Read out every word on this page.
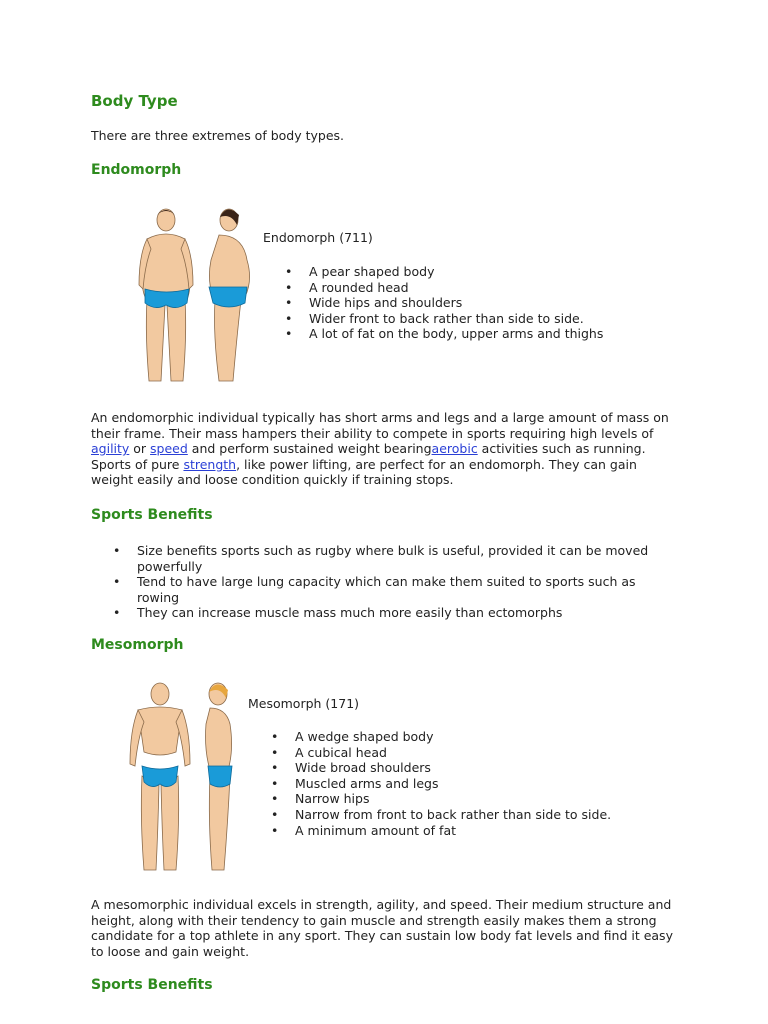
Body Type

There are three extremes of body types.

Endomorph

Endomorph (711)

• A pear shaped body
• A rounded head
• Wide hips and shoulders
• Wider front to back rather than side to side.
• A lot of fat on the body, upper arms and thighs

An endomorphic individual typically has short arms and legs and a large amount of mass on their frame. Their mass hampers their ability to compete in sports requiring high levels of agility or speed and perform sustained weight bearingaerobic activities such as running. Sports of pure strength, like power lifting, are perfect for an endomorph. They can gain weight easily and loose condition quickly if training stops.

Sports Benefits
• Size benefits sports such as rugby where bulk is useful, provided it can be moved powerfully
• Tend to have large lung capacity which can make them suited to sports such as rowing
• They can increase muscle mass much more easily than ectomorphs
Mesomorph

Mesomorph (171)

• A wedge shaped body
• A cubical head
• Wide broad shoulders
• Muscled arms and legs
• Narrow hips
• Narrow from front to back rather than side to side.
• A minimum amount of fat

A mesomorphic individual excels in strength, agility, and speed. Their medium structure and height, along with their tendency to gain muscle and strength easily makes them a strong candidate for a top athlete in any sport. They can sustain low body fat levels and find it easy to loose and gain weight.

Sports Benefits
